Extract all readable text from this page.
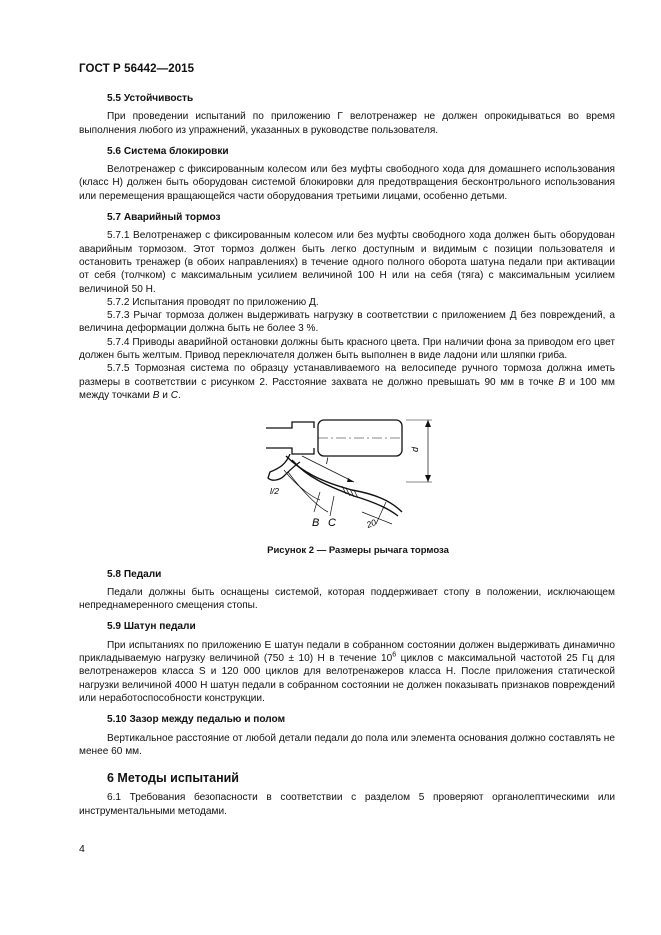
ГОСТ Р 56442—2015
5.5 Устойчивость

При проведении испытаний по приложению Г велотренажер не должен опрокидываться во время выполнения любого из упражнений, указанных в руководстве пользователя.

5.6 Система блокировки

Велотренажер с фиксированным колесом или без муфты свободного хода для домашнего использования (класс Н) должен быть оборудован системой блокировки для предотвращения бесконтрольного использования или перемещения вращающейся части оборудования третьими лицами, особенно детьми.

5.7 Аварийный тормоз

5.7.1 Велотренажер с фиксированным колесом или без муфты свободного хода должен быть оборудован аварийным тормозом. Этот тормоз должен быть легко доступным и видимым с позиции пользователя и остановить тренажер (в обоих направлениях) в течение одного полного оборота шатуна педали при активации от себя (толчком) с максимальным усилием величиной 100 Н или на себя (тяга) с максимальным усилием величиной 50 Н.

5.7.2 Испытания проводят по приложению Д.

5.7.3 Рычаг тормоза должен выдерживать нагрузку в соответствии с приложением Д без повреждений, а величина деформации должна быть не более 3 %.

5.7.4 Приводы аварийной остановки должны быть красного цвета. При наличии фона за приводом его цвет должен быть желтым. Привод переключателя должен быть выполнен в виде ладони или шляпки гриба.

5.7.5 Тормозная система по образцу устанавливаемого на велосипеде ручного тормоза должна иметь размеры в соответствии с рисунком 2. Расстояние захвата не должно превышать 90 мм в точке B и 100 мм между точками B и C.

l
d
l/2
B C	20
Рисунок 2 — Размеры рычага тормоза
5.8 Педали

Педали должны быть оснащены системой, которая поддерживает стопу в положении, исключающем непреднамеренного смещения стопы.

5.9 Шатун педали

При испытаниях по приложению Е шатун педали в собранном состоянии должен выдерживать динамично прикладываемую нагрузку величиной (750 ± 10) Н в течение $10^6$ циклов с максимальной частотой 25 Гц для велотренажеров класса S и 120 000 циклов для велотренажеров класса Н. После приложения статической нагрузки величиной 4000 Н шатун педали в собранном состоянии не должен показывать признаков повреждений или неработоспособности конструкции.

5.10 Зазор между педалью и полом

Вертикальное расстояние от любой детали педали до пола или элемента основания должно составлять не менее 60 мм.

6 Методы испытаний

6.1 Требования безопасности в соответствии с разделом 5 проверяют органолептическими или инструментальными методами.

4
